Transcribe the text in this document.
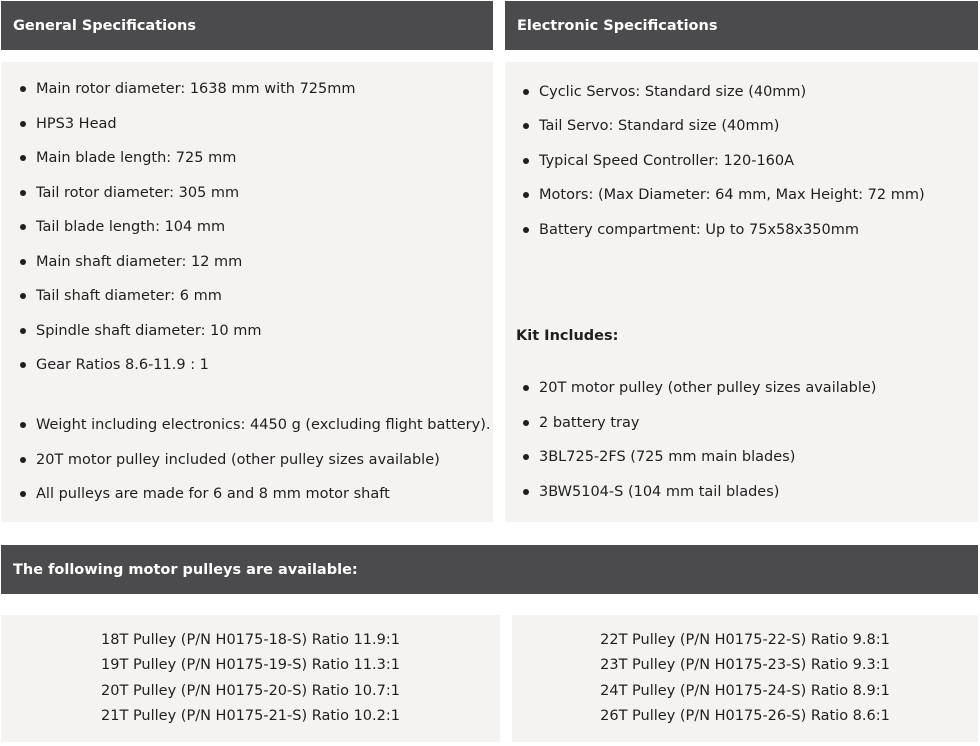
General Specifications	Electronic Specifications
Main rotor diameter: 1638 mm with 725mm
HPS3 Head
Main blade length: 725 mm
Tail rotor diameter: 305 mm
Tail blade length: 104 mm
Main shaft diameter: 12 mm
Tail shaft diameter: 6 mm
Spindle shaft diameter: 10 mm
Gear Ratios 8.6-11.9 : 1
Weight including electronics: 4450 g (excluding flight battery).
20T motor pulley included (other pulley sizes available)
All pulleys are made for 6 and 8 mm motor shaft
Cyclic Servos: Standard size (40mm)
Tail Servo: Standard size (40mm)
Typical Speed Controller: 120-160A
Motors: (Max Diameter: 64 mm, Max Height: 72 mm)
Battery compartment: Up to 75x58x350mm
Kit Includes:
20T motor pulley (other pulley sizes available)
2 battery tray
3BL725-2FS (725 mm main blades)
3BW5104-S (104 mm tail blades)
The following motor pulleys are available:
18T Pulley (P/N H0175-18-S) Ratio 11.9:1
19T Pulley (P/N H0175-19-S) Ratio 11.3:1
20T Pulley (P/N H0175-20-S) Ratio 10.7:1
21T Pulley (P/N H0175-21-S) Ratio 10.2:1
22T Pulley (P/N H0175-22-S) Ratio 9.8:1
23T Pulley (P/N H0175-23-S) Ratio 9.3:1
24T Pulley (P/N H0175-24-S) Ratio 8.9:1
26T Pulley (P/N H0175-26-S) Ratio 8.6:1
